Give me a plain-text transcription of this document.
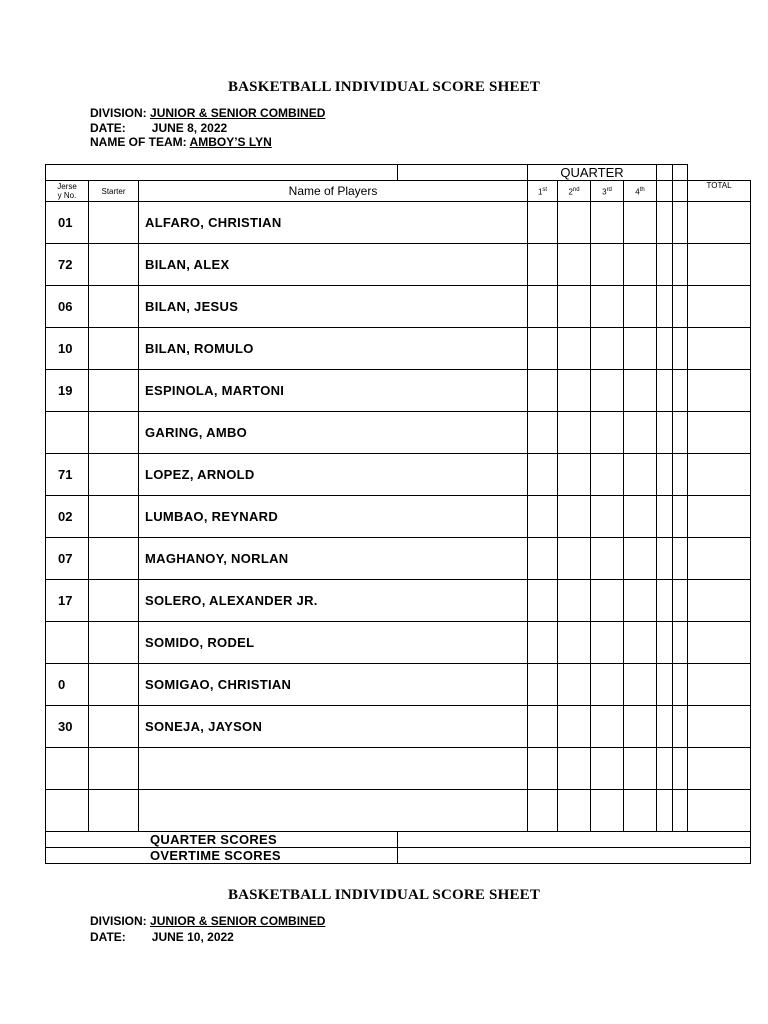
BASKETBALL INDIVIDUAL SCORE SHEET
DIVISION: JUNIOR & SENIOR COMBINED
DATE: JUNE 8, 2022
NAME OF TEAM: AMBOY’S LYN
				QUARTER						
Jerse
y No.	Starter	Name of Players		1st	2nd	3rd	4th			TOTAL
01		ALFARO, CHRISTIAN								
72		BILAN, ALEX								
06		BILAN, JESUS								
10		BILAN, ROMULO								
19		ESPINOLA, MARTONI								
		GARING, AMBO								
71		LOPEZ, ARNOLD								
02		LUMBAO, REYNARD								
07		MAGHANOY, NORLAN								
17		SOLERO, ALEXANDER JR.								
		SOMIDO, RODEL								
0		SOMIGAO, CHRISTIAN								
30		SONEJA, JAYSON								

QUARTER SCORES										
OVERTIME SCORES										
BASKETBALL INDIVIDUAL SCORE SHEET
DIVISION: JUNIOR & SENIOR COMBINED
DATE: JUNE 10, 2022
